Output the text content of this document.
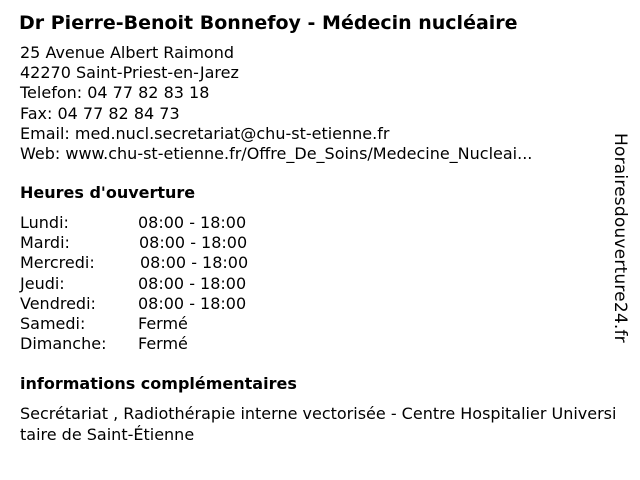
Dr Pierre-Benoit Bonnefoy - Médecin nucléaire
25 Avenue Albert Raimond
42270 Saint-Priest-en-Jarez
Telefon: 04 77 82 83 18
Fax: 04 77 82 84 73
Email: med.nucl.secretariat@chu-st-etienne.fr
Web: www.chu-st-etienne.fr/Offre_De_Soins/Medecine_Nucleai...
Heures d'ouverture
Lundi:	08:00 - 18:00
Mardi:	08:00 - 18:00
Mercredi:	08:00 - 18:00
Jeudi:	08:00 - 18:00
Vendredi:	08:00 - 18:00
Samedi:	Fermé
Dimanche: Fermé
informations complémentaires
Secrétariat , Radiothérapie interne vectorisée - Centre Hospitalier Universitaire de Saint-Étienne
Horairesdouverture24.fr
